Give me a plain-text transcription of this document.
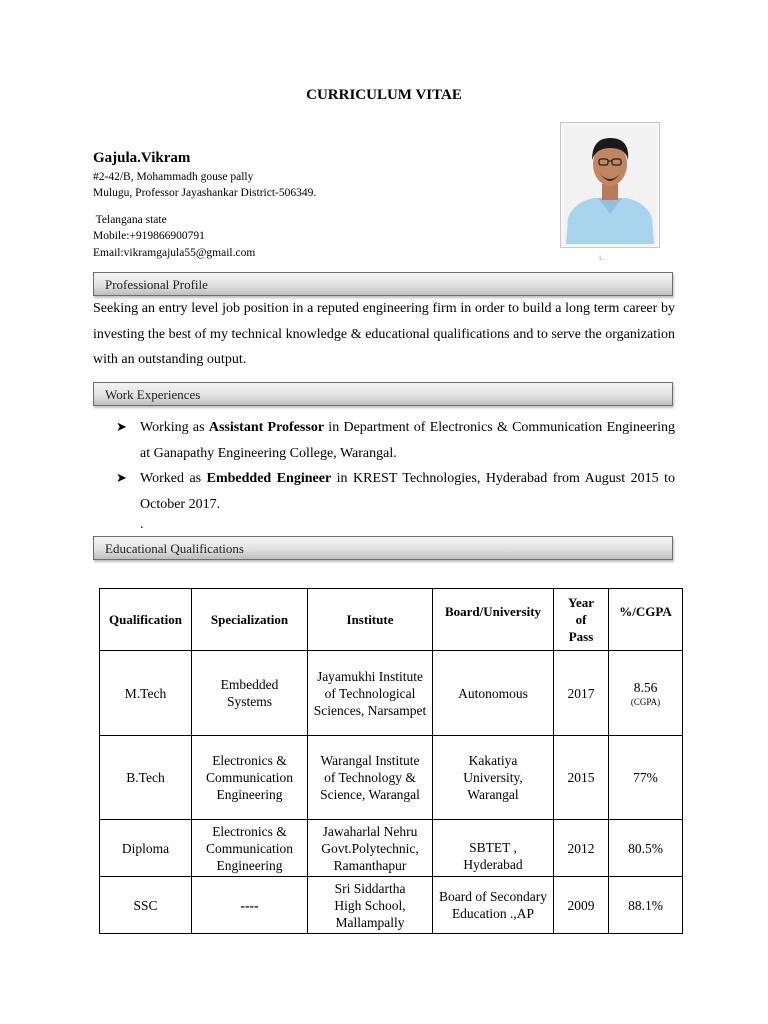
CURRICULUM VITAE
Gajula.Vikram
#2-42/B, Mohammadh gouse pally
Mulugu, Professor Jayashankar District-506349.
Telangana state
Mobile:+919866900791
Email:vikramgajula55@gmail.com	i.
Professional Profile
Seeking an entry level job position in a reputed engineering firm in order to build a long term career by investing the best of my technical knowledge & educational qualifications and to serve the organization with an outstanding output.
Work Experiences
➤ Working as Assistant Professor in Department of Electronics & Communication Engineering at Ganapathy Engineering College, Warangal.
➤ Worked as Embedded Engineer in KREST Technologies, Hyderabad from August 2015 to October 2017.
.
Educational Qualifications
Qualification	Specialization	Institute	Board/University	Year of Pass	%/CGPA
M.Tech	Embedded Systems	Jayamukhi Institute of Technological Sciences, Narsampet	Autonomous	2017	8.56
(CGPA)

B.Tech	Electronics & Communication Engineering	Warangal Institute of Technology & Science, Warangal	Kakatiya University, Warangal	2015	77%
Diploma	Electronics & Communication Engineering	Jawaharlal Nehru Govt.Polytechnic, Ramanthapur	SBTET , Hyderabad	2012	80.5%
SSC	----	Sri Siddartha High School, Mallampally	Board of Secondary Education .,AP	2009	88.1%
